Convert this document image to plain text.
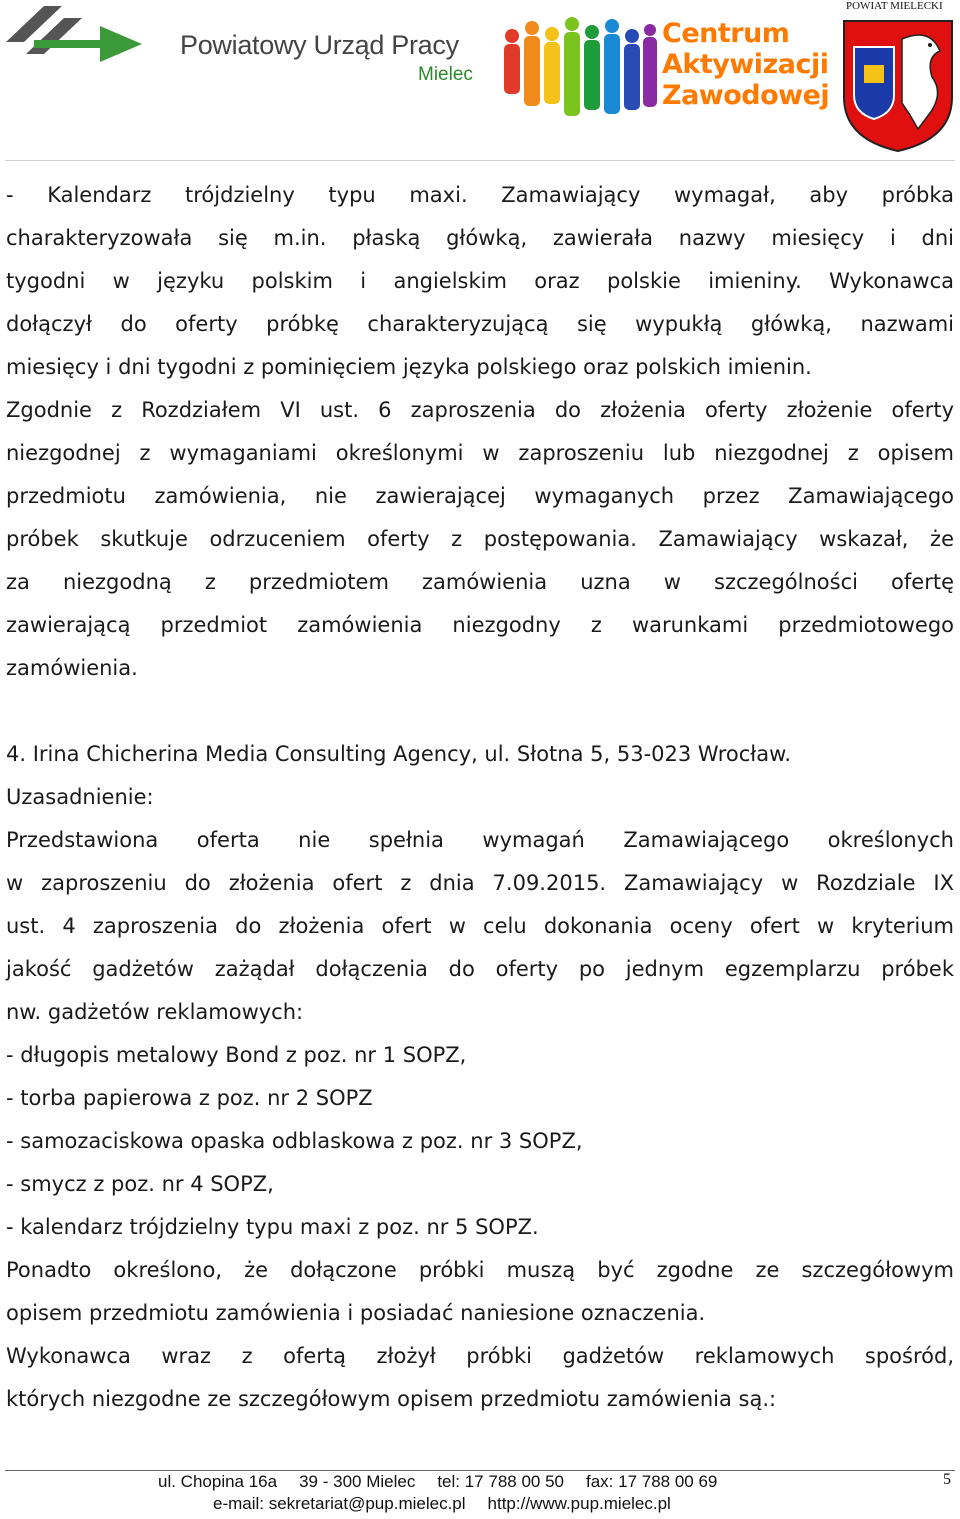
Powiatowy Urząd Pracy
Mielec
Centrum
Aktywizacji
Zawodowej
POWIAT MIELECKI

- Kalendarz trójdzielny typu maxi. Zamawiający wymagał, aby próbka

charakteryzowała się m.in. płaską główką, zawierała nazwy miesięcy i dni

tygodni w języku polskim i angielskim oraz polskie imieniny. Wykonawca

dołączył do oferty próbkę charakteryzującą się wypukłą główką, nazwami

miesięcy i dni tygodni z pominięciem języka polskiego oraz polskich imienin.

Zgodnie z Rozdziałem VI ust. 6 zaproszenia do złożenia oferty złożenie oferty

niezgodnej z wymaganiami określonymi w zaproszeniu lub niezgodnej z opisem

przedmiotu zamówienia, nie zawierającej wymaganych przez Zamawiającego

próbek skutkuje odrzuceniem oferty z postępowania. Zamawiający wskazał, że

za niezgodną z przedmiotem zamówienia uzna w szczególności ofertę

zawierającą przedmiot zamówienia niezgodny z warunkami przedmiotowego

zamówienia.

4. Irina Chicherina Media Consulting Agency, ul. Słotna 5, 53-023 Wrocław.

Uzasadnienie:

Przedstawiona oferta nie spełnia wymagań Zamawiającego określonych

w zaproszeniu do złożenia ofert z dnia 7.09.2015. Zamawiający w Rozdziale IX

ust. 4 zaproszenia do złożenia ofert w celu dokonania oceny ofert w kryterium

jakość gadżetów zażądał dołączenia do oferty po jednym egzemplarzu próbek

nw. gadżetów reklamowych:

- długopis metalowy Bond z poz. nr 1 SOPZ,

- torba papierowa z poz. nr 2 SOPZ

- samozaciskowa opaska odblaskowa z poz. nr 3 SOPZ,

- smycz z poz. nr 4 SOPZ,

- kalendarz trójdzielny typu maxi z poz. nr 5 SOPZ.

Ponadto określono, że dołączone próbki muszą być zgodne ze szczegółowym

opisem przedmiotu zamówienia i posiadać naniesione oznaczenia.

Wykonawca wraz z ofertą złożył próbki gadżetów reklamowych spośród,

których niezgodne ze szczegółowym opisem przedmiotu zamówienia są.:

ul. Chopina 16a 39 - 300 Mielec tel: 17 788 00 50 fax: 17 788 00 69
e-mail: sekretariat@pup.mielec.pl http://www.pup.mielec.pl
5
